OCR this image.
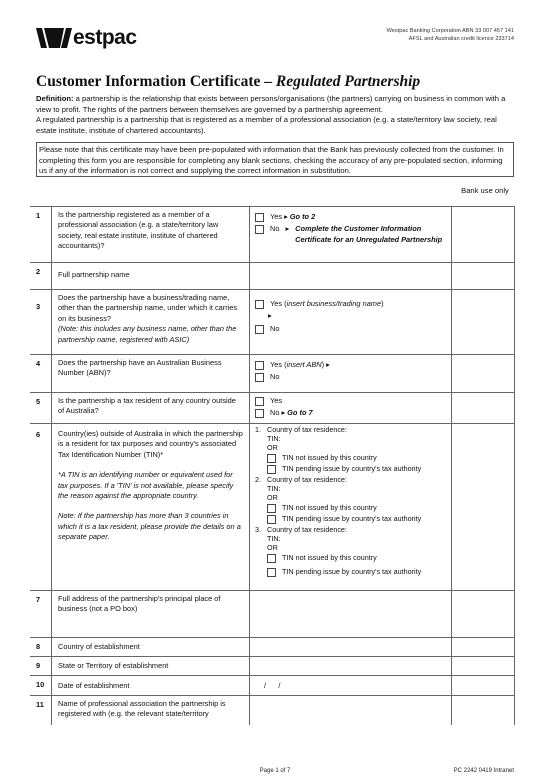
estpac	Westpac Banking Corporation ABN 33 007 457 141
AFSL and Australian credit licence 233714
Customer Information Certificate – Regulated Partnership
Definition: a partnership is the relationship that exists between persons/organisations (the partners) carrying on business in common with a view to profit. The rights of the partners between themselves are governed by a partnership agreement.
A regulated partnership is a partnership that is registered as a member of a professional association (e.g. a state/territory law society, real estate institute, institute of chartered accountants).
Please note that this certificate may have been pre-populated with information that the Bank has previously collected from the customer. In completing this form you are responsible for completing any blank sections, checking the accuracy of any pre-populated section, informing us if any of the information is not correct and supplying the correct information in substitution.
Bank use only
1	Is the partnership registered as a member of a professional association (e.g. a state/territory law society, real estate institute, institute of chartered accountants)?
Yes ▸ Go to 2
No ▸ Complete the Customer Information Certificate for an Unregulated Partnership
2	Full partnership name
3
Does the partnership have a business/trading name, other than the partnership name, under which it carries on its business?
(Note: this includes any business name, other than the partnership name, registered with ASIC)
Yes ( insert business/trading name )
▸
No
4	Does the partnership have an Australian Business Number (ABN)?
Yes ( insert ABN ) ▸
No
5	Is the partnership a tax resident of any country outside of Australia?
Yes
No ▸ Go to 7
6	Country(ies) outside of Australia in which the partnership is a resident for tax purposes and country's associated Tax Identification Number (TIN)*
*A TIN is an identifying number or equivalent used for tax purposes. If a 'TIN' is not available, please specify the reason against the appropriate country.
Note: If the partnership has more than 3 countries in which it is a tax resident, please provide the details on a separate paper.
1. Country of tax residence:
TIN:
OR
TIN not issued by this country
TIN pending issue by country's tax authority
2. Country of tax residence:
TIN:
OR
TIN not issued by this country
TIN pending issue by country's tax authority
3. Country of tax residence:
TIN:
OR
TIN not issued by this country
TIN pending issue by country's tax authority
7	Full address of the partnership's principal place of business (not a PO box)
8	Country of establishment
9	State or Territory of establishment
10	Date of establishment	/      /
11	Name of professional association the partnership is registered with (e.g. the relevant state/territory
Page 1 of 7	PC 2242 0419 Intranet
